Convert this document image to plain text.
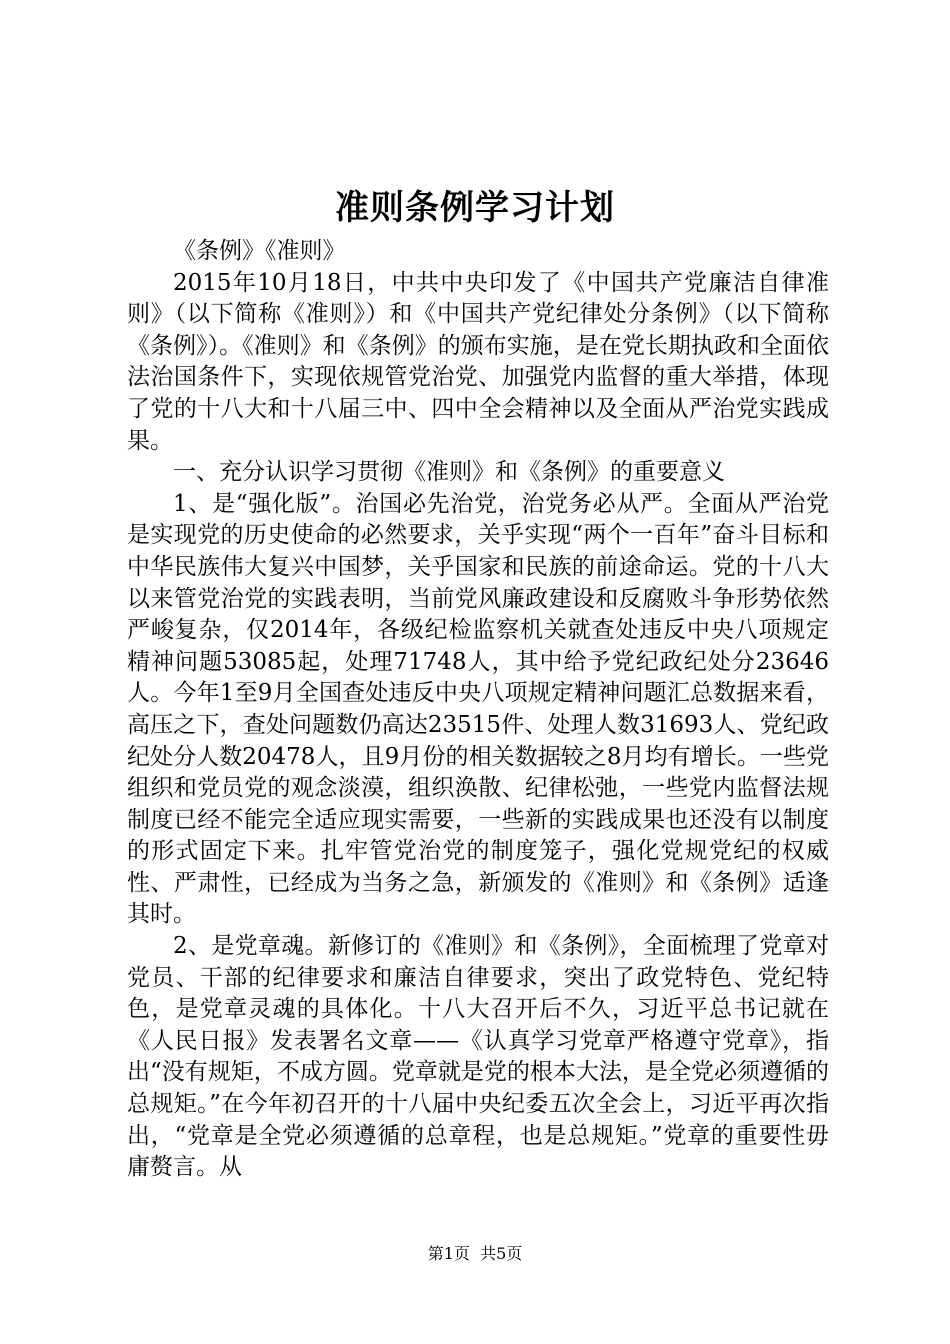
准则条例学习计划

《条例》《准则》

2015年10月18日，中共中央印发了《中国共产党廉洁自律准则》（以下简称《准则》）和《中国共产党纪律处分条例》（以下简称《条例》）。《准则》和《条例》的颁布实施，是在党长期执政和全面依法治国条件下，实现依规管党治党、加强党内监督的重大举措，体现了党的十八大和十八届三中、四中全会精神以及全面从严治党实践成果。

一、充分认识学习贯彻《准则》和《条例》的重要意义

1、是“强化版”。治国必先治党，治党务必从严。全面从严治党是实现党的历史使命的必然要求，关乎实现“两个一百年”奋斗目标和中华民族伟大复兴中国梦，关乎国家和民族的前途命运。党的十八大以来管党治党的实践表明，当前党风廉政建设和反腐败斗争形势依然严峻复杂，仅2014年，各级纪检监察机关就查处违反中央八项规定精神问题53085起，处理71748人，其中给予党纪政纪处分23646人。今年1至9月全国查处违反中央八项规定精神问题汇总数据来看，高压之下，查处问题数仍高达23515件、处理人数31693人、党纪政纪处分人数20478人，且9月份的相关数据较之8月均有增长。一些党组织和党员党的观念淡漠，组织涣散、纪律松弛，一些党内监督法规制度已经不能完全适应现实需要，一些新的实践成果也还没有以制度的形式固定下来。扎牢管党治党的制度笼子，强化党规党纪的权威性、严肃性，已经成为当务之急，新颁发的《准则》和《条例》适逢其时。

2、是党章魂。新修订的《准则》和《条例》，全面梳理了党章对党员、干部的纪律要求和廉洁自律要求，突出了政党特色、党纪特色，是党章灵魂的具体化。十八大召开后不久，习近平总书记就在《人民日报》发表署名文章——《认真学习党章严格遵守党章》，指出“没有规矩，不成方圆。党章就是党的根本大法，是全党必须遵循的总规矩。”在今年初召开的十八届中央纪委五次全会上，习近平再次指出，“党章是全党必须遵循的总章程，也是总规矩。”党章的重要性毋庸赘言。从

第1页  共5页
